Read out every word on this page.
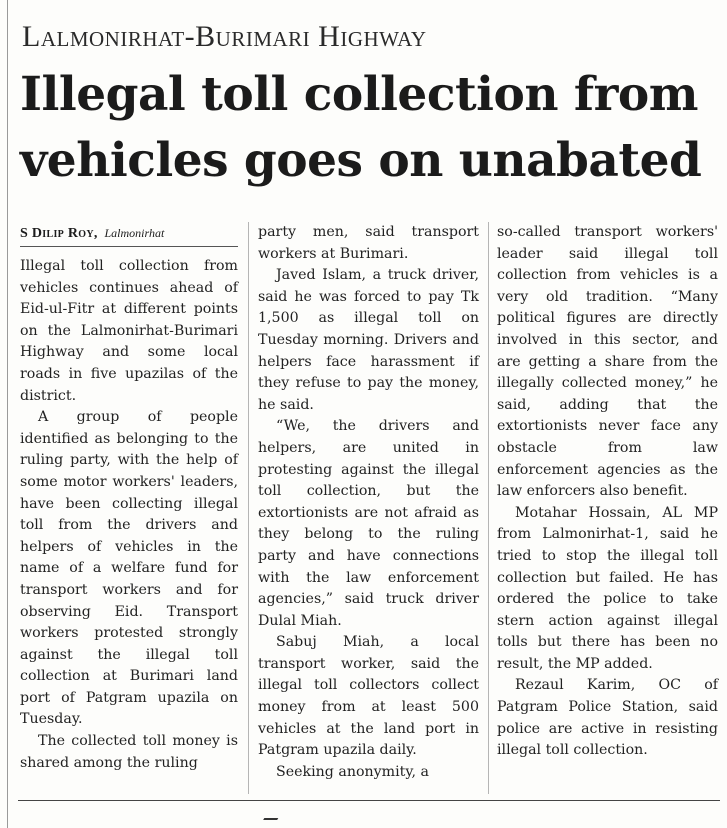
Lalmonirhat-Burimari Highway
Illegal toll collection from vehicles goes on unabated
S Dilip Roy, Lalmonirhat

Illegal toll collection from vehicles continues ahead of Eid-ul-Fitr at different points on the Lalmonirhat-Burimari Highway and some local roads in five upazilas of the district.

A group of people identified as belonging to the ruling party, with the help of some motor workers' leaders, have been collecting illegal toll from the drivers and helpers of vehicles in the name of a welfare fund for transport workers and for observing Eid. Transport workers protested strongly against the illegal toll collection at Burimari land port of Patgram upazila on Tuesday.

The collected toll money is shared among the ruling

party men, said transport workers at Burimari.

Javed Islam, a truck driver, said he was forced to pay Tk 1,500 as illegal toll on Tuesday morning. Drivers and helpers face harassment if they refuse to pay the money, he said.

“We, the drivers and helpers, are united in protesting against the illegal toll collection, but the extortionists are not afraid as they belong to the ruling party and have connections with the law enforcement agencies,” said truck driver Dulal Miah.

Sabuj Miah, a local transport worker, said the illegal toll collectors collect money from at least 500 vehicles at the land port in Patgram upazila daily.

Seeking anonymity, a

so-called transport workers' leader said illegal toll collection from vehicles is a very old tradition. “Many political figures are directly involved in this sector, and are getting a share from the illegally collected money,” he said, adding that the extortionists never face any obstacle from law enforcement agencies as the law enforcers also benefit.

Motahar Hossain, AL MP from Lalmonirhat-1, said he tried to stop the illegal toll collection but failed. He has ordered the police to take stern action against illegal tolls but there has been no result, the MP added.

Rezaul Karim, OC of Patgram Police Station, said police are active in resisting illegal toll collection.
